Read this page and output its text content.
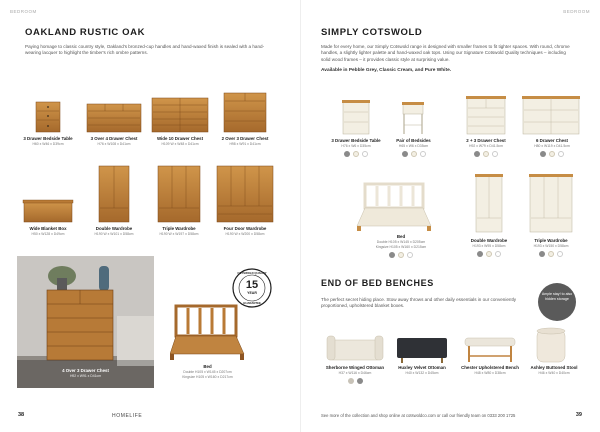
BEDROOM
OAKLAND RUSTIC OAK

Paying homage to classic country style, Oakland's bronzed-cup handles and hand-waxed finish is sealed with a hand-wearing lacquer to highlight the timber's rich ombre patterns.

3 Drawer Bedside Table
H60 x W46 x D39cm
3 Over 4 Drawer Chest
H76 x W108 x D41cm
Wide 10 Drawer Chest
H109 W x W48 x D41cm
2 Over 3 Drawer Chest
H98 x W91 x D41cm
Wide Blanket Box
H50 x W128 x D49cm
Double Wardrobe
H190 W x W101 x D58cm
Triple Wardrobe
H190 W x W197 x D58cm
Four Door Wardrobe
H190 W x W200 x D58cm
4 Over 3 Drawer Chest
H92 x W91 x D41cm
COTSWOLD QUALITY
15
YEAR
GUARANTEE
Bed
Double H105 x W145 x D207cm
Kingsize H105 x W160 x D217cm
38	HOMELIFE
BEDROOM
SIMPLY COTSWOLD

Made for every home, our Simply Cotswold range is designed with smaller frames to fit tighter spaces. With round, chrome handles, a slightly lighter palette and hand-waxed oak tops. Using our Signature Cotswold Quality techniques – including solid wood frames – it provides classic style at surprising value.

Available in Pebble Grey, Classic Cream, and Pure White.

3 Drawer Bedside Table
H76 x W6 x D35cm
Pair of Bedsides
H65 x W6 x D35cm
2 + 3 Drawer Chest
H92 x W79 x D41.5cm
6 Drawer Chest
H80 x W119 x D41.5cm
Bed
Double H105 x W145 x D205cm
Kingsize H105 x W160 x D215cm
Double Wardrobe
H193 x W95 x D58cm
Triple Wardrobe
H193 x W150 x D58cm
END OF BED BENCHES

The perfect secret hiding place. Stow away throws and other daily essentials in our conveniently proportioned, upholstered blanket boxes.

Ample stay! to also hidden storage
Sherborne Winged Ottoman
H37 x W116 x D46cm
Huxley Velvet Ottoman
H40 x W132 x D45cm
Chester Upholstered Bench
H48 x W80 x D38cm
Ashley Buttoned Stool
H46 x W40 x D40cm
See more of the collection and shop online at cotswoldco.com or call our friendly team on 0333 200 1725	39
